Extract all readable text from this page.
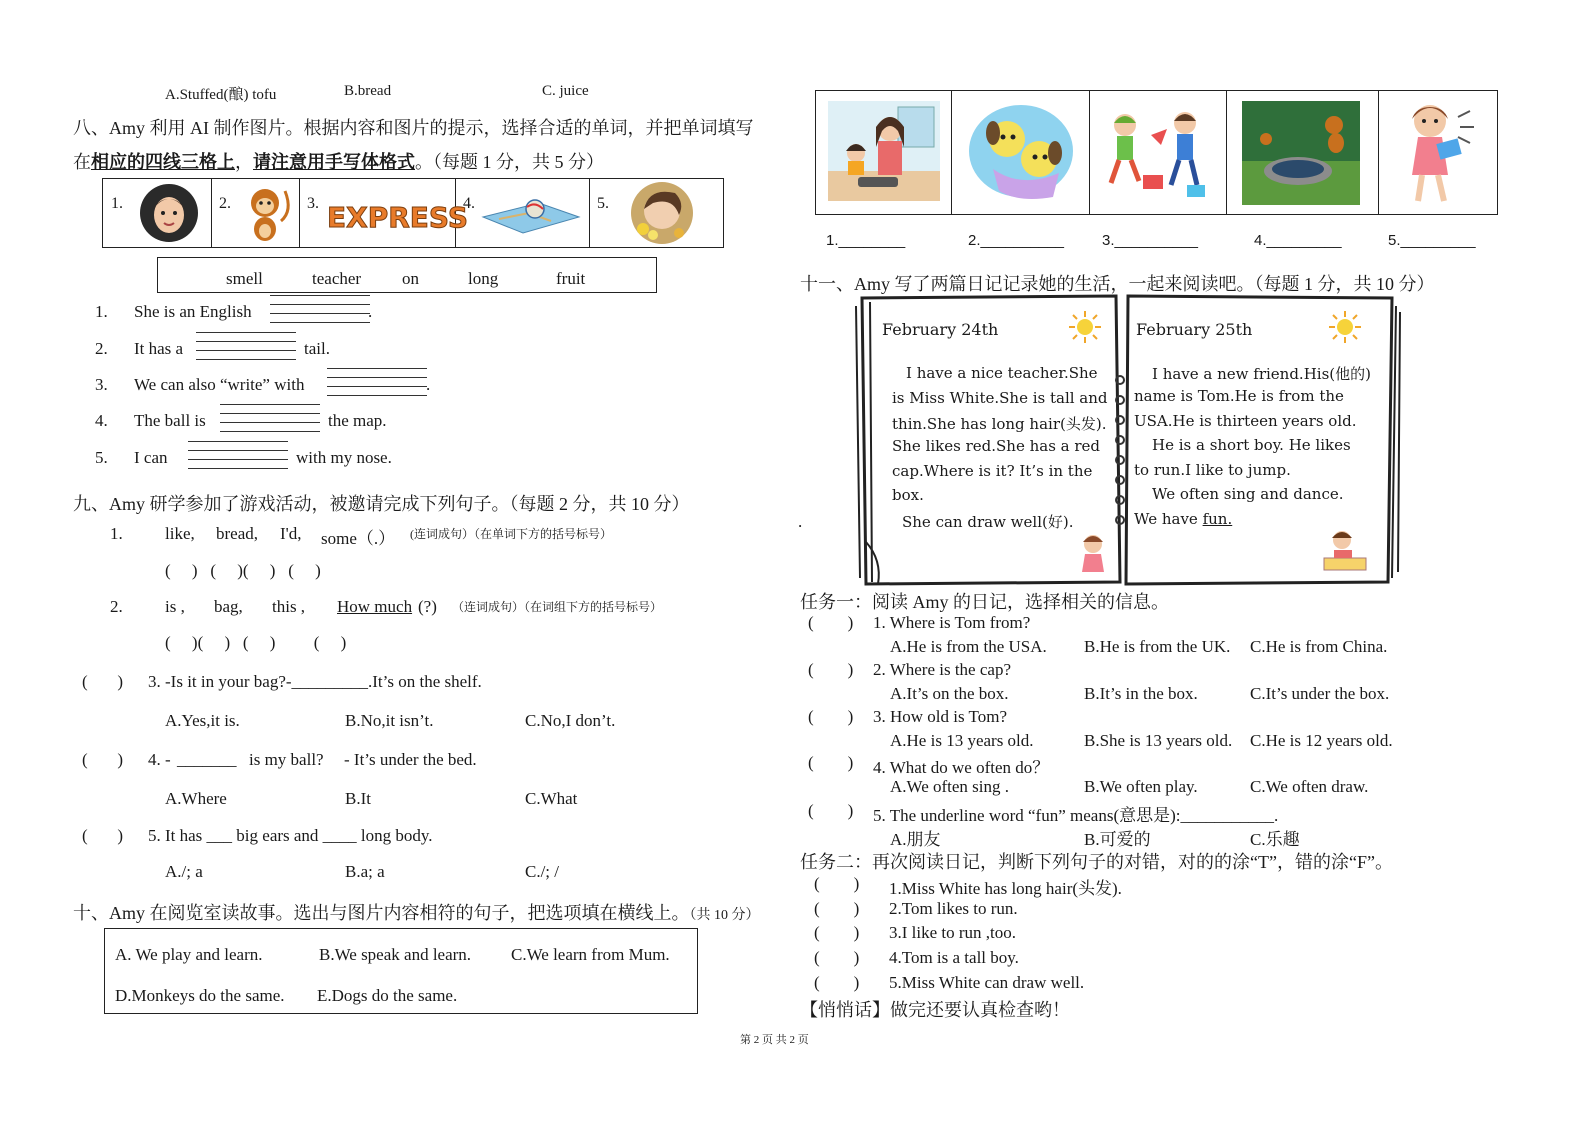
A.Stuffed(酿) tofu	B.bread	C. juice
八、Amy 利用 AI 制作图片。根据内容和图片的提示，选择合适的单词，并把单词填写
在相应的四线三格上，请注意用手写体格式。（每题 1 分，共 5 分）
1.	2.	3. EXPRESS
4.	5.
smell	teacher on	long	fruit
1. She is an English	.
2. It has a	tail.
3. We can also “write” with	.
4. The ball is	the map.
5. I can	with my nose.
九、Amy 研学参加了游戏活动，被邀请完成下列句子。（每题 2 分，共 10 分）
1. like, bread, I'd, some（.） (连词成句）（在单词下方的括号标号）
(     )   (     )(     )   (     )
2. is , bag, this , How much (?) （连词成句）（在词组下方的括号标号）
(     )(     )   (     )         (     )
(       ) 3. -Is it in your bag?-_________.It’s on the shelf.
A.Yes,it is.	B.No,it isn’t.	C.No,I don’t.
(       ) 4. - _______ is my ball? - It’s under the bed.
A.Where	B.It	C.What
(       ) 5. It has ___ big ears and ____ long body.
A./; a	B.a; a	C./; /
十、Amy 在阅览室读故事。选出与图片内容相符的句子，把选项填在横线上。（共 10 分）
A. We play and learn.	B.We speak and learn. C.We learn from Mum.
D.Monkeys do the same. E.Dogs do the same.
1.________	2.__________	3.__________	4._________	5._________
十一、Amy 写了两篇日记记录她的生活，一起来阅读吧。（每题 1 分，共 10 分）
February 24th
I have a nice teacher.She
is Miss White.She is tall and
thin.She has long hair(头发).
She likes red.She has a red
cap.Where is it? It’s in the
box.
She can draw well(好).
February 25th
I have a new friend.His(他的)
name is Tom.He is from the
USA.He is thirteen years old.
He is a short boy. He likes
to run.I like to jump.
We often sing and dance.
We have fun.
.
任务一：阅读 Amy 的日记，选择相关的信息。
(        ) 1. Where is Tom from?
A.He is from the USA. B.He is from the UK. C.He is from China.
(        ) 2. Where is the cap?
A.It’s on the box.	B.It’s in the box.	C.It’s under the box.
(        ) 3. How old is Tom?
A.He is 13 years old.	B.She is 13 years old. C.He is 12 years old.
(        ) 4. What do we often do？
A.We often sing .	B.We often play.	C.We often draw.
(        ) 5. The underline word “fun” means(意思是):___________.
A.朋友	B.可爱的	C.乐趣
任务二：再次阅读日记，判断下列句子的对错，对的的涂“T”，错的涂“F”。
(        ) 1.Miss White has long hair(头发).
(        ) 2.Tom likes to run.
(        ) 3.I like to run ,too.
(        ) 4.Tom is a tall boy.
(        ) 5.Miss White can draw well.
【悄悄话】做完还要认真检查哟！
第 2 页 共 2 页
